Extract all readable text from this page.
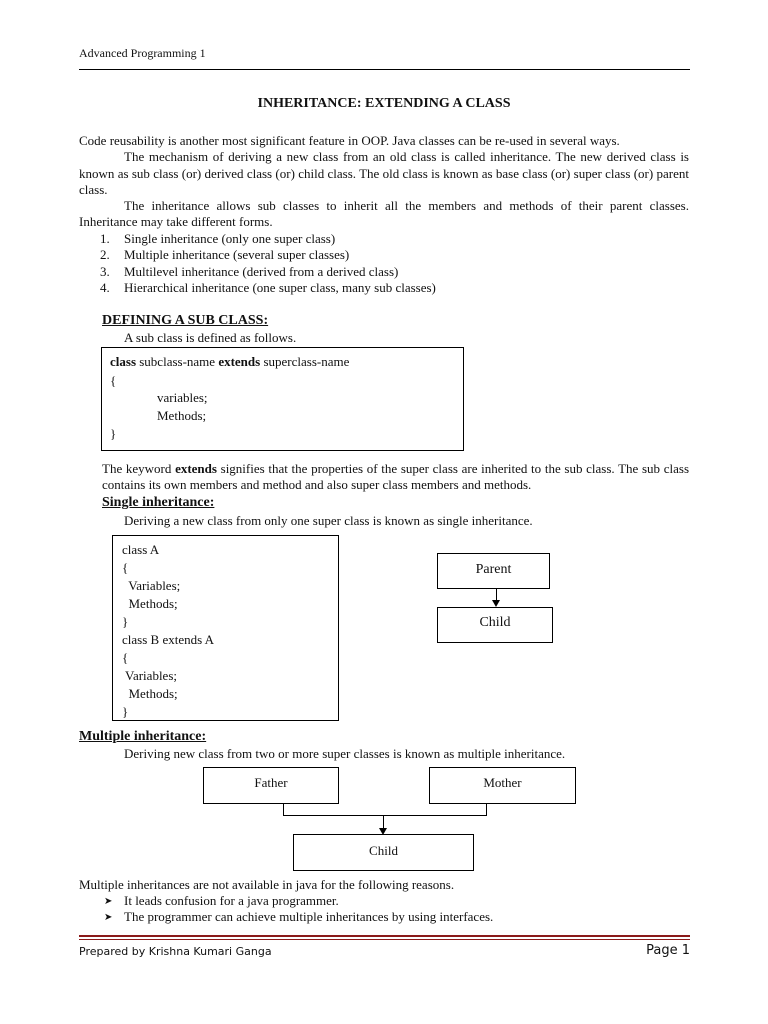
Advanced Programming 1
INHERITANCE: EXTENDING A CLASS
Code reusability is another most significant feature in OOP. Java classes can be re-used in several ways.
The mechanism of deriving a new class from an old class is called inheritance. The new derived class is known as sub class (or) derived class (or) child class. The old class is known as base class (or) super class (or) parent class.
The inheritance allows sub classes to inherit all the members and methods of their parent classes. Inheritance may take different forms.
1. Single inheritance (only one super class)
2. Multiple inheritance (several super classes)
3. Multilevel inheritance (derived from a derived class)
4. Hierarchical inheritance (one super class, many sub classes)
DEFINING A SUB CLASS:
A sub class is defined as follows.
class subclass-name extends superclass-name
{
variables;
Methods;
}
The keyword extends signifies that the properties of the super class are inherited to the sub class. The sub class contains its own members and method and also super class members and methods.
Single inheritance:
Deriving a new class from only one super class is known as single inheritance.
class A
{
Variables;
Methods;
}
class B extends A
{
Variables;
Methods;
}
Parent
Child
Multiple inheritance:
Deriving new class from two or more super classes is known as multiple inheritance.
Father	Mother
Child
Multiple inheritances are not available in java for the following reasons.
➤ It leads confusion for a java programmer.
➤ The programmer can achieve multiple inheritances by using interfaces.
Prepared by Krishna Kumari Ganga	Page 1
